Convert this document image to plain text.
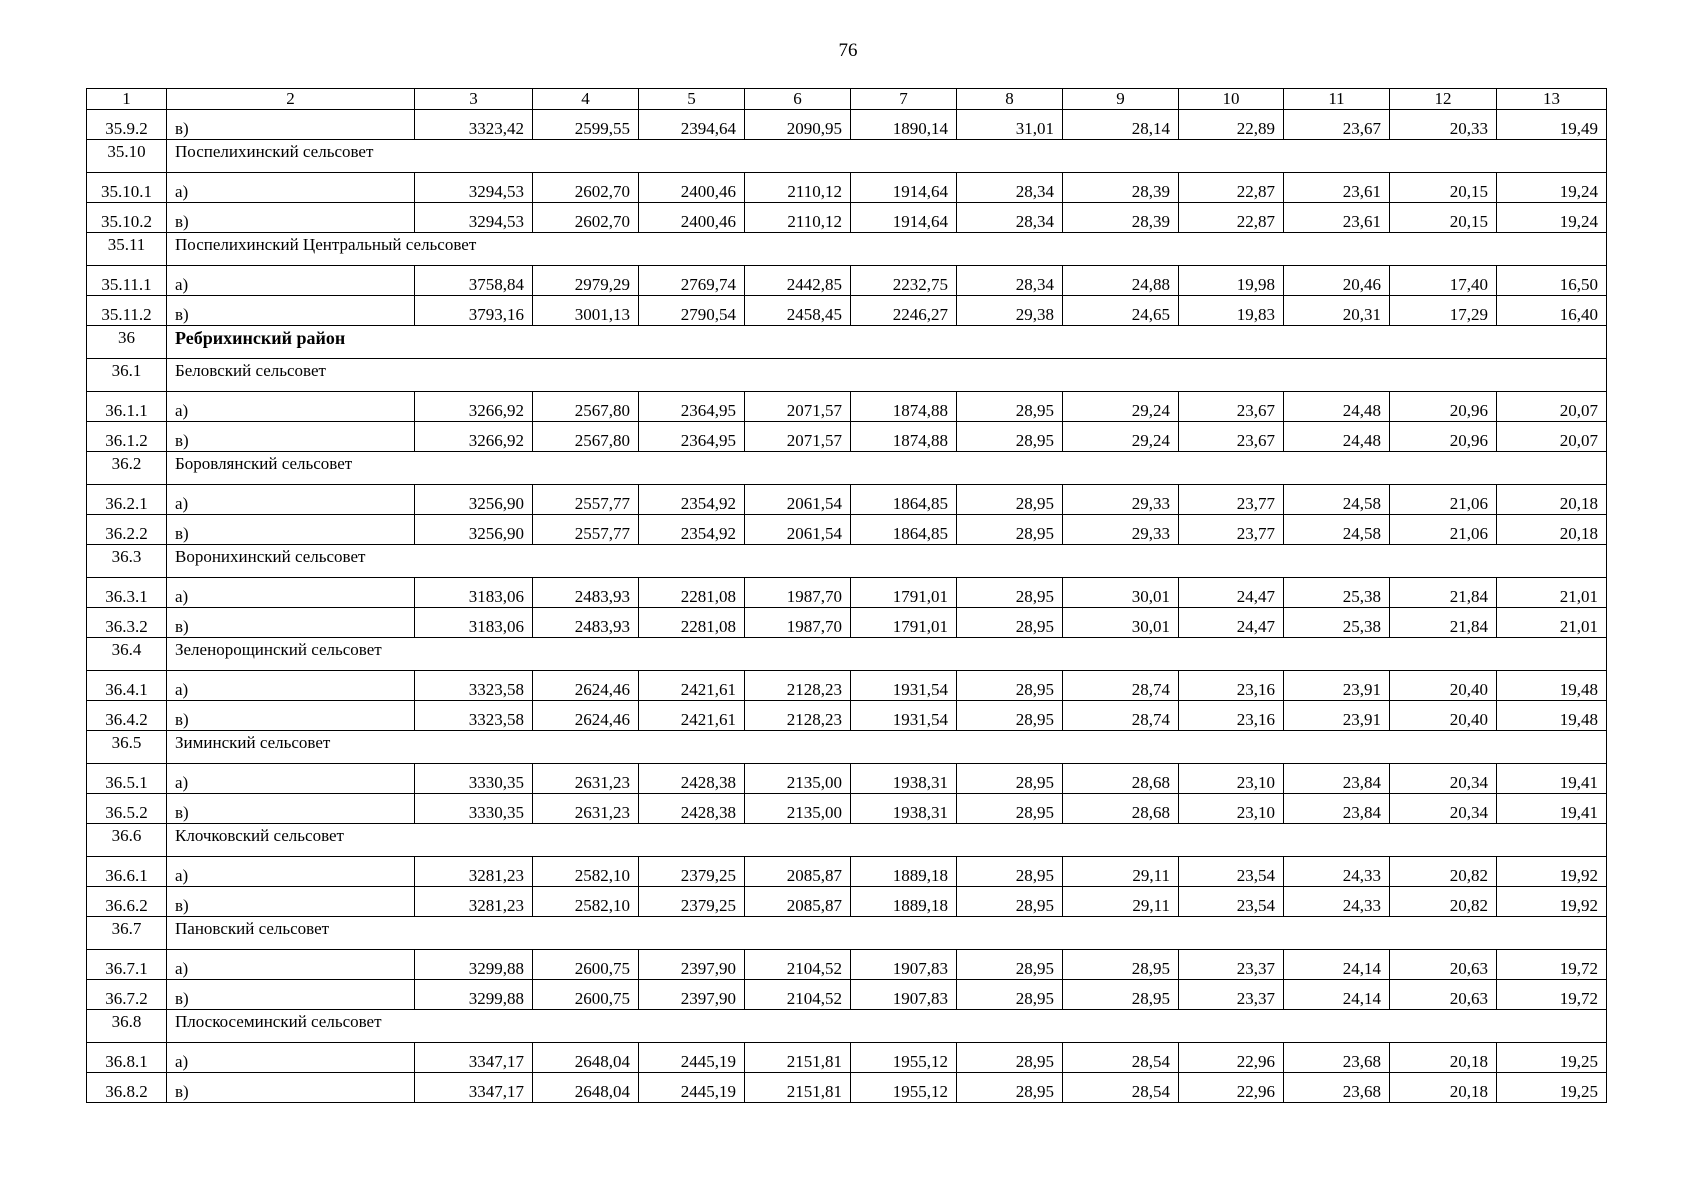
76
1	2	3	4	5	6	7	8	9	10	11	12	13
35.9.2	в)	3323,42	2599,55	2394,64	2090,95	1890,14	31,01	28,14	22,89	23,67	20,33	19,49
35.10	Поспелихинский сельсовет											
35.10.1	а)	3294,53	2602,70	2400,46	2110,12	1914,64	28,34	28,39	22,87	23,61	20,15	19,24
35.10.2	в)	3294,53	2602,70	2400,46	2110,12	1914,64	28,34	28,39	22,87	23,61	20,15	19,24
35.11	Поспелихинский Центральный сельсовет											
35.11.1	а)	3758,84	2979,29	2769,74	2442,85	2232,75	28,34	24,88	19,98	20,46	17,40	16,50
35.11.2	в)	3793,16	3001,13	2790,54	2458,45	2246,27	29,38	24,65	19,83	20,31	17,29	16,40
36	Ребрихинский район											
36.1	Беловский сельсовет											
36.1.1	а)	3266,92	2567,80	2364,95	2071,57	1874,88	28,95	29,24	23,67	24,48	20,96	20,07
36.1.2	в)	3266,92	2567,80	2364,95	2071,57	1874,88	28,95	29,24	23,67	24,48	20,96	20,07
36.2	Боровлянский сельсовет											
36.2.1	а)	3256,90	2557,77	2354,92	2061,54	1864,85	28,95	29,33	23,77	24,58	21,06	20,18
36.2.2	в)	3256,90	2557,77	2354,92	2061,54	1864,85	28,95	29,33	23,77	24,58	21,06	20,18
36.3	Воронихинский сельсовет											
36.3.1	а)	3183,06	2483,93	2281,08	1987,70	1791,01	28,95	30,01	24,47	25,38	21,84	21,01
36.3.2	в)	3183,06	2483,93	2281,08	1987,70	1791,01	28,95	30,01	24,47	25,38	21,84	21,01
36.4	Зеленорощинский сельсовет											
36.4.1	а)	3323,58	2624,46	2421,61	2128,23	1931,54	28,95	28,74	23,16	23,91	20,40	19,48
36.4.2	в)	3323,58	2624,46	2421,61	2128,23	1931,54	28,95	28,74	23,16	23,91	20,40	19,48
36.5	Зиминский сельсовет											
36.5.1	а)	3330,35	2631,23	2428,38	2135,00	1938,31	28,95	28,68	23,10	23,84	20,34	19,41
36.5.2	в)	3330,35	2631,23	2428,38	2135,00	1938,31	28,95	28,68	23,10	23,84	20,34	19,41
36.6	Клочковский сельсовет											
36.6.1	а)	3281,23	2582,10	2379,25	2085,87	1889,18	28,95	29,11	23,54	24,33	20,82	19,92
36.6.2	в)	3281,23	2582,10	2379,25	2085,87	1889,18	28,95	29,11	23,54	24,33	20,82	19,92
36.7	Пановский сельсовет											
36.7.1	а)	3299,88	2600,75	2397,90	2104,52	1907,83	28,95	28,95	23,37	24,14	20,63	19,72
36.7.2	в)	3299,88	2600,75	2397,90	2104,52	1907,83	28,95	28,95	23,37	24,14	20,63	19,72
36.8	Плоскосеминский сельсовет											
36.8.1	а)	3347,17	2648,04	2445,19	2151,81	1955,12	28,95	28,54	22,96	23,68	20,18	19,25
36.8.2	в)	3347,17	2648,04	2445,19	2151,81	1955,12	28,95	28,54	22,96	23,68	20,18	19,25
